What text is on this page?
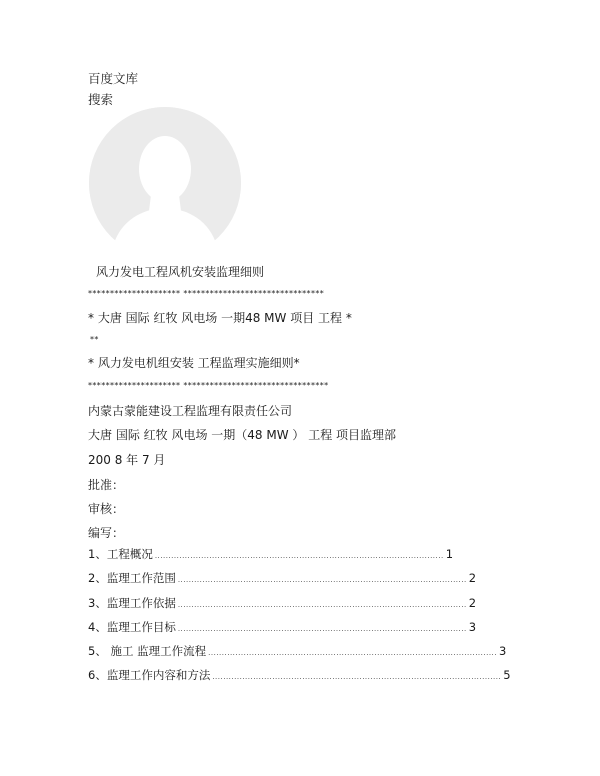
百度文库
搜索
风力发电工程风机安装监理细则
********************* ********************************
* 大唐 国际 红牧 风电场 一期48 MW 项目 工程 *
**
* 风力发电机组安装 工程监理实施细则*
********************* *********************************
内蒙古蒙能建设工程监理有限责任公司
大唐 国际 红牧 风电场 一期（48 MW ） 工程 项目监理部
200 8 年 7 月
批准：
审核：
编写：
1、工程概况 .......................................................................................................... 1
2、监理工作范围 .......................................................................................................... 2
3、监理工作依据 .......................................................................................................... 2
4、监理工作目标 .......................................................................................................... 3
5、 施工 监理工作流程 .......................................................................................................... 3
6、监理工作内容和方法 .......................................................................................................... 5
